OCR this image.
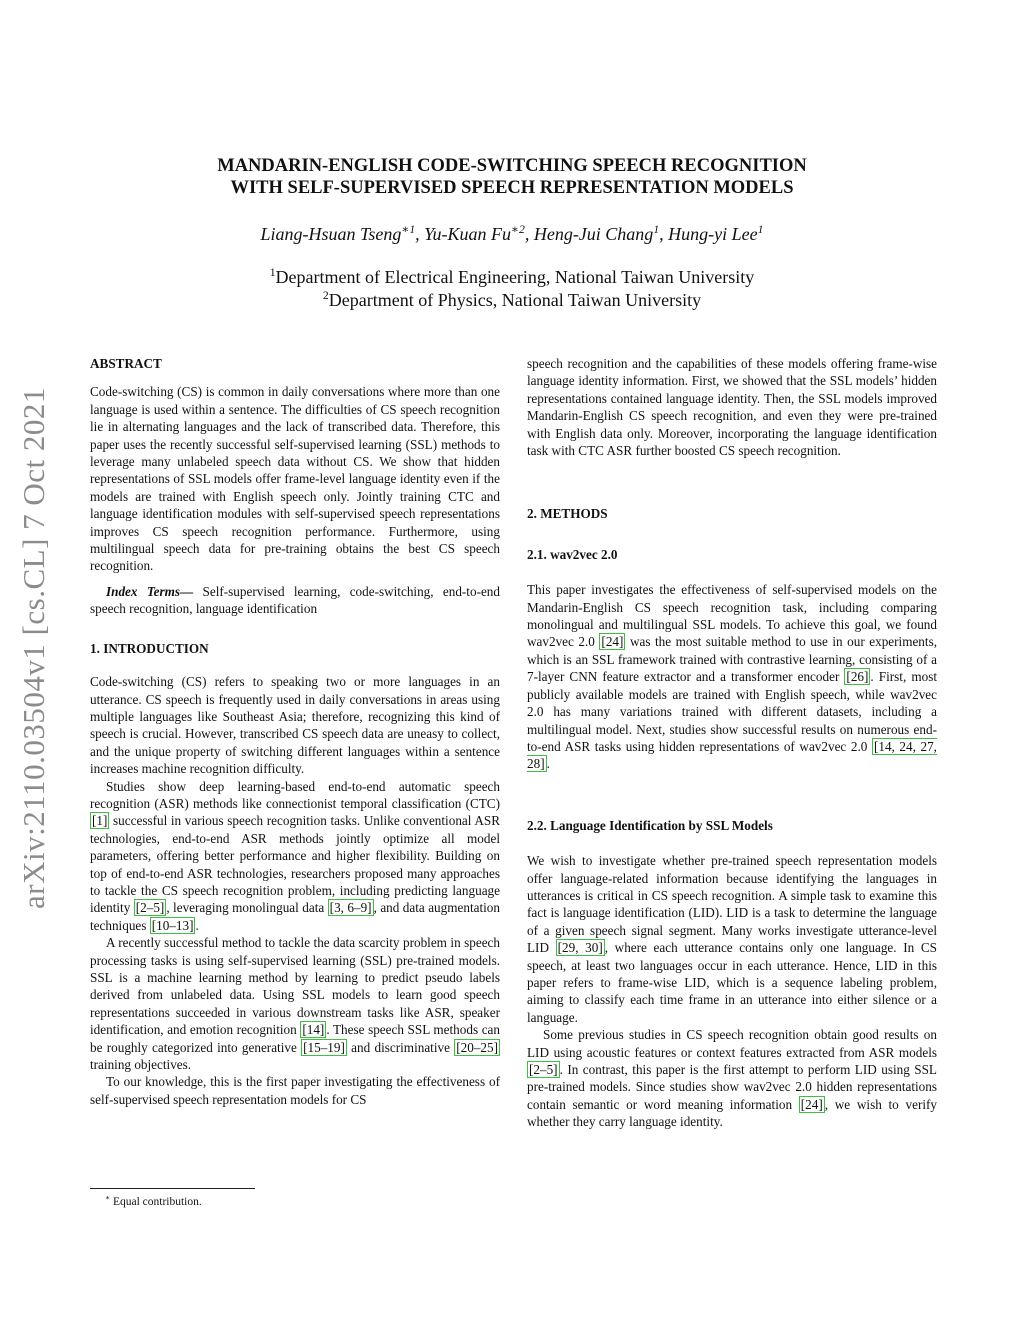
arXiv:2110.03504v1 [cs.CL] 7 Oct 2021
MANDARIN-ENGLISH CODE-SWITCHING SPEECH RECOGNITION
WITH SELF-SUPERVISED SPEECH REPRESENTATION MODELS
Liang-Hsuan Tseng$^{∗1}$, Yu-Kuan $Fu^{∗2}$, Heng-Jui Chang$^1$, Hung-yi Lee$^1$
$^1$Department of Electrical Engineering, National Taiwan University
$^2$Department of Physics, National Taiwan University

ABSTRACT

Code-switching (CS) is common in daily conversations where more than one language is used within a sentence. The difficulties of CS speech recognition lie in alternating languages and the lack of transcribed data. Therefore, this paper uses the recently successful self-supervised learning (SSL) methods to leverage many unlabeled speech data without CS. We show that hidden representations of SSL models offer frame-level language identity even if the models are trained with English speech only. Jointly training CTC and language identification modules with self-supervised speech representations improves CS speech recognition performance. Furthermore, using multilingual speech data for pre-training obtains the best CS speech recognition.

Index Terms— Self-supervised learning, code-switching, end-to-end speech recognition, language identification

1. INTRODUCTION

Code-switching (CS) refers to speaking two or more languages in an utterance. CS speech is frequently used in daily conversations in areas using multiple languages like Southeast Asia; therefore, recognizing this kind of speech is crucial. However, transcribed CS speech data are uneasy to collect, and the unique property of switching different languages within a sentence increases machine recognition difficulty.

Studies show deep learning-based end-to-end automatic speech recognition (ASR) methods like connectionist temporal classification (CTC) [1] successful in various speech recognition tasks. Unlike conventional ASR technologies, end-to-end ASR methods jointly optimize all model parameters, offering better performance and higher flexibility. Building on top of end-to-end ASR technologies, researchers proposed many approaches to tackle the CS speech recognition problem, including predicting language identity [2–5] , leveraging monolingual data [3, 6–9] , and data augmentation techniques [10–13] .

A recently successful method to tackle the data scarcity problem in speech processing tasks is using self-supervised learning (SSL) pre-trained models. SSL is a machine learning method by learning to predict pseudo labels derived from unlabeled data. Using SSL models to learn good speech representations succeeded in various downstream tasks like ASR, speaker identification, and emotion recognition [14] . These speech SSL methods can be roughly categorized into generative [15–19] and discriminative [20–25] training objectives.

To our knowledge, this is the first paper investigating the effectiveness of self-supervised speech representation models for CS

speech recognition and the capabilities of these models offering frame-wise language identity information. First, we showed that the SSL models’ hidden representations contained language identity. Then, the SSL models improved Mandarin-English CS speech recognition, and even they were pre-trained with English data only. Moreover, incorporating the language identification task with CTC ASR further boosted CS speech recognition.

2. METHODS

2.1. wav2vec 2.0

This paper investigates the effectiveness of self-supervised models on the Mandarin-English CS speech recognition task, including comparing monolingual and multilingual SSL models. To achieve this goal, we found wav2vec 2.0 [24] was the most suitable method to use in our experiments, which is an SSL framework trained with contrastive learning, consisting of a 7-layer CNN feature extractor and a transformer encoder [26] . First, most publicly available models are trained with English speech, while wav2vec 2.0 has many variations trained with different datasets, including a multilingual model. Next, studies show successful results on numerous end-to-end ASR tasks using hidden representations of wav2vec 2.0 [14, 24, 27, 28] .

2.2. Language Identification by SSL Models

We wish to investigate whether pre-trained speech representation models offer language-related information because identifying the languages in utterances is critical in CS speech recognition. A simple task to examine this fact is language identification (LID). LID is a task to determine the language of a given speech signal segment. Many works investigate utterance-level LID [29, 30] , where each utterance contains only one language. In CS speech, at least two languages occur in each utterance. Hence, LID in this paper refers to frame-wise LID, which is a sequence labeling problem, aiming to classify each time frame in an utterance into either silence or a language.

Some previous studies in CS speech recognition obtain good results on LID using acoustic features or context features extracted from ASR models [2–5] . In contrast, this paper is the first attempt to perform LID using SSL pre-trained models. Since studies show wav2vec 2.0 hidden representations contain semantic or word meaning information [24] , we wish to verify whether they carry language identity.

∗ Equal contribution.
